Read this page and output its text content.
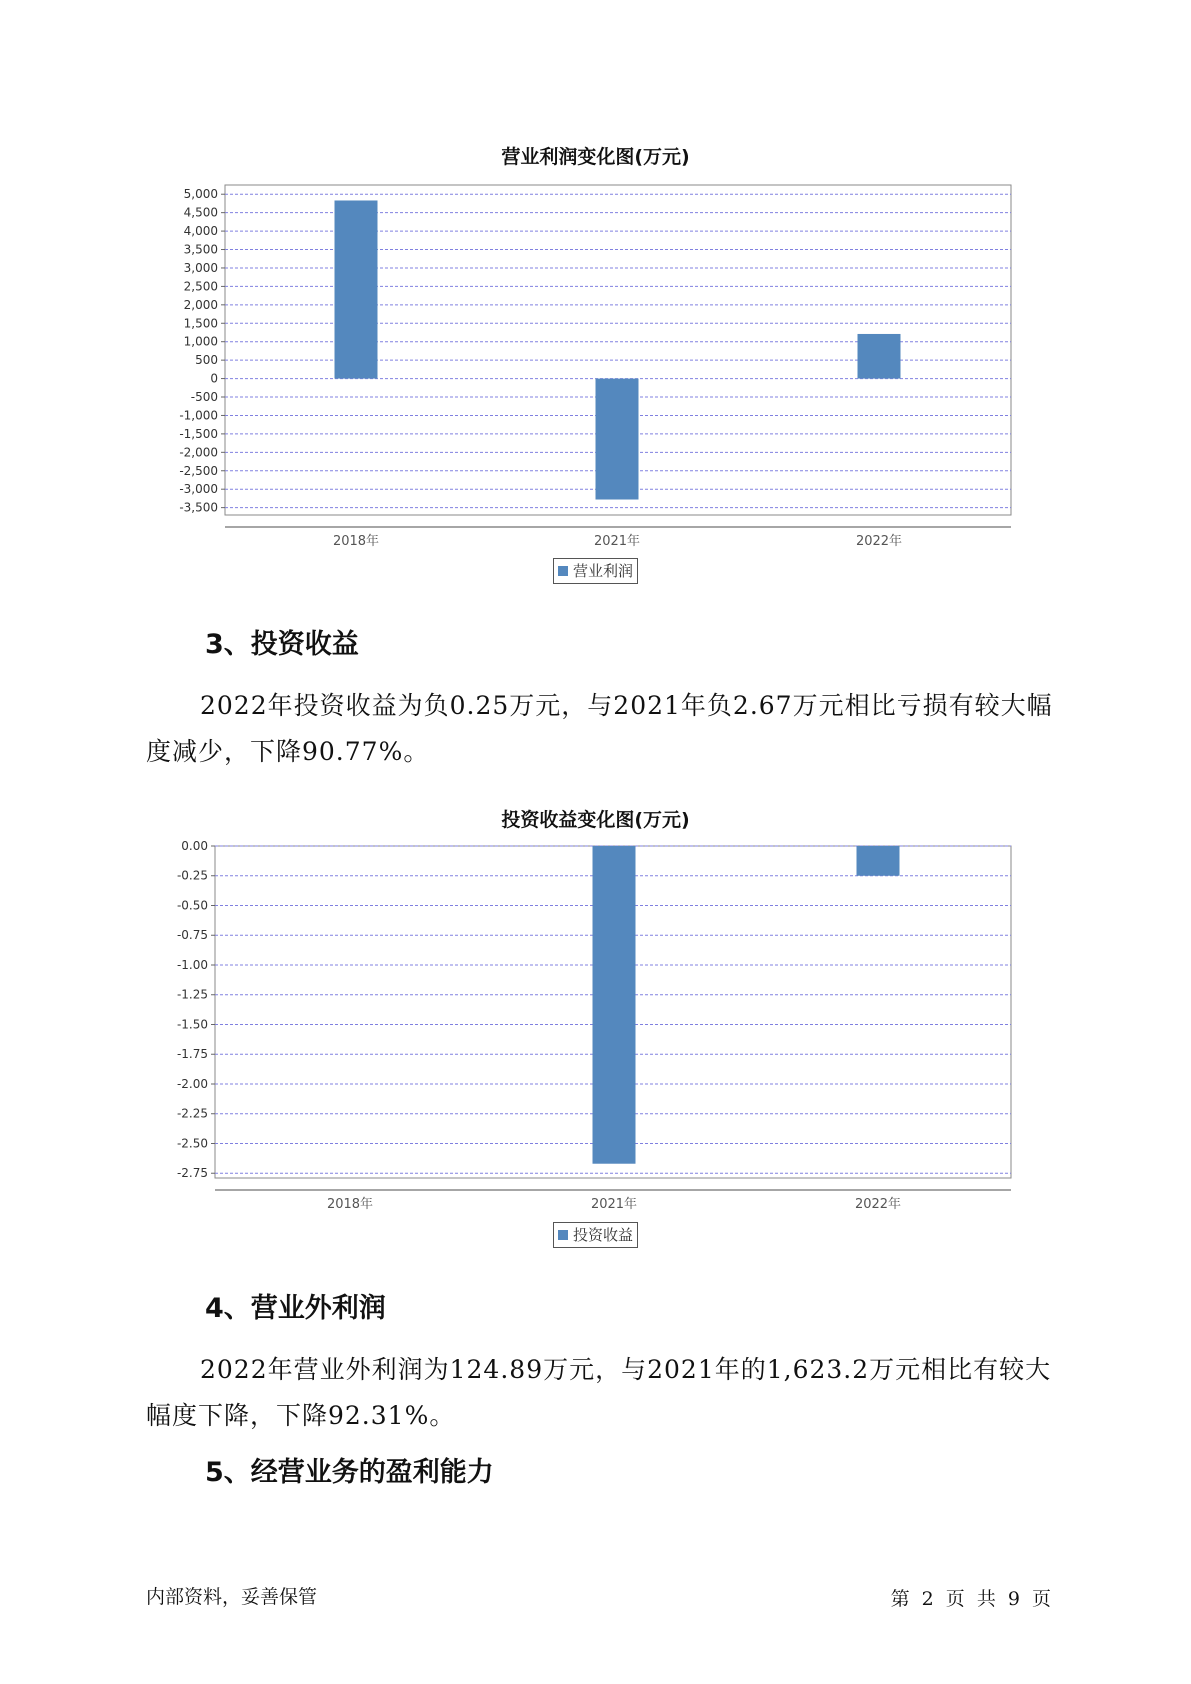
营业利润变化图(万元)
5,000
4,500
4,000
3,500
3,000
2,500
2,000
1,500
1,000
500
0
-500
-1,000
-1,500
-2,000
-2,500
-3,000
-3,500
2018年	2021年	2022年
营业利润
3、投资收益
2022年投资收益为负0.25万元，与2021年负2.67万元相比亏损有较大幅度减少，下降90.77%。
投资收益变化图(万元)
0.00
-0.25
-0.50
-0.75
-1.00
-1.25
-1.50
-1.75
-2.00
-2.25
-2.50
-2.75
2018年	2021年	2022年
投资收益
4、营业外利润
2022年营业外利润为124.89万元，与2021年的1,623.2万元相比有较大幅度下降，下降92.31%。
5、经营业务的盈利能力
内部资料，妥善保管	第 2 页 共 9 页
